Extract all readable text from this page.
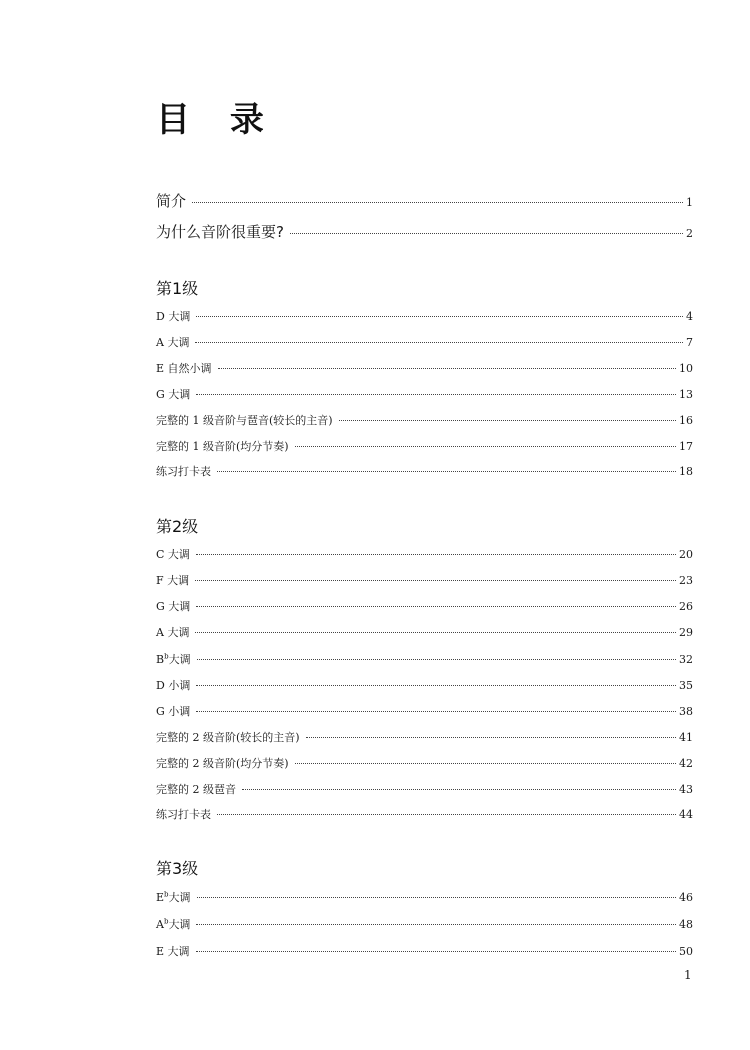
目 录
简介	1
为什么音阶很重要?	2
第1级
D 大调	4
A 大调	7
E 自然小调	10
G 大调	13
完整的 1 级音阶与琶音(较长的主音)	16
完整的 1 级音阶(均分节奏)	17
练习打卡表	18
第2级
C 大调	20
F 大调	23
G 大调	26
A 大调	29
$B^b$大调	32
D 小调	35
G 小调	38
完整的 2 级音阶(较长的主音)	41
完整的 2 级音阶(均分节奏)	42
完整的 2 级琶音	43
练习打卡表	44
第3级
$E^b$大调	46
$A^b$大调	48
E 大调	50
1
